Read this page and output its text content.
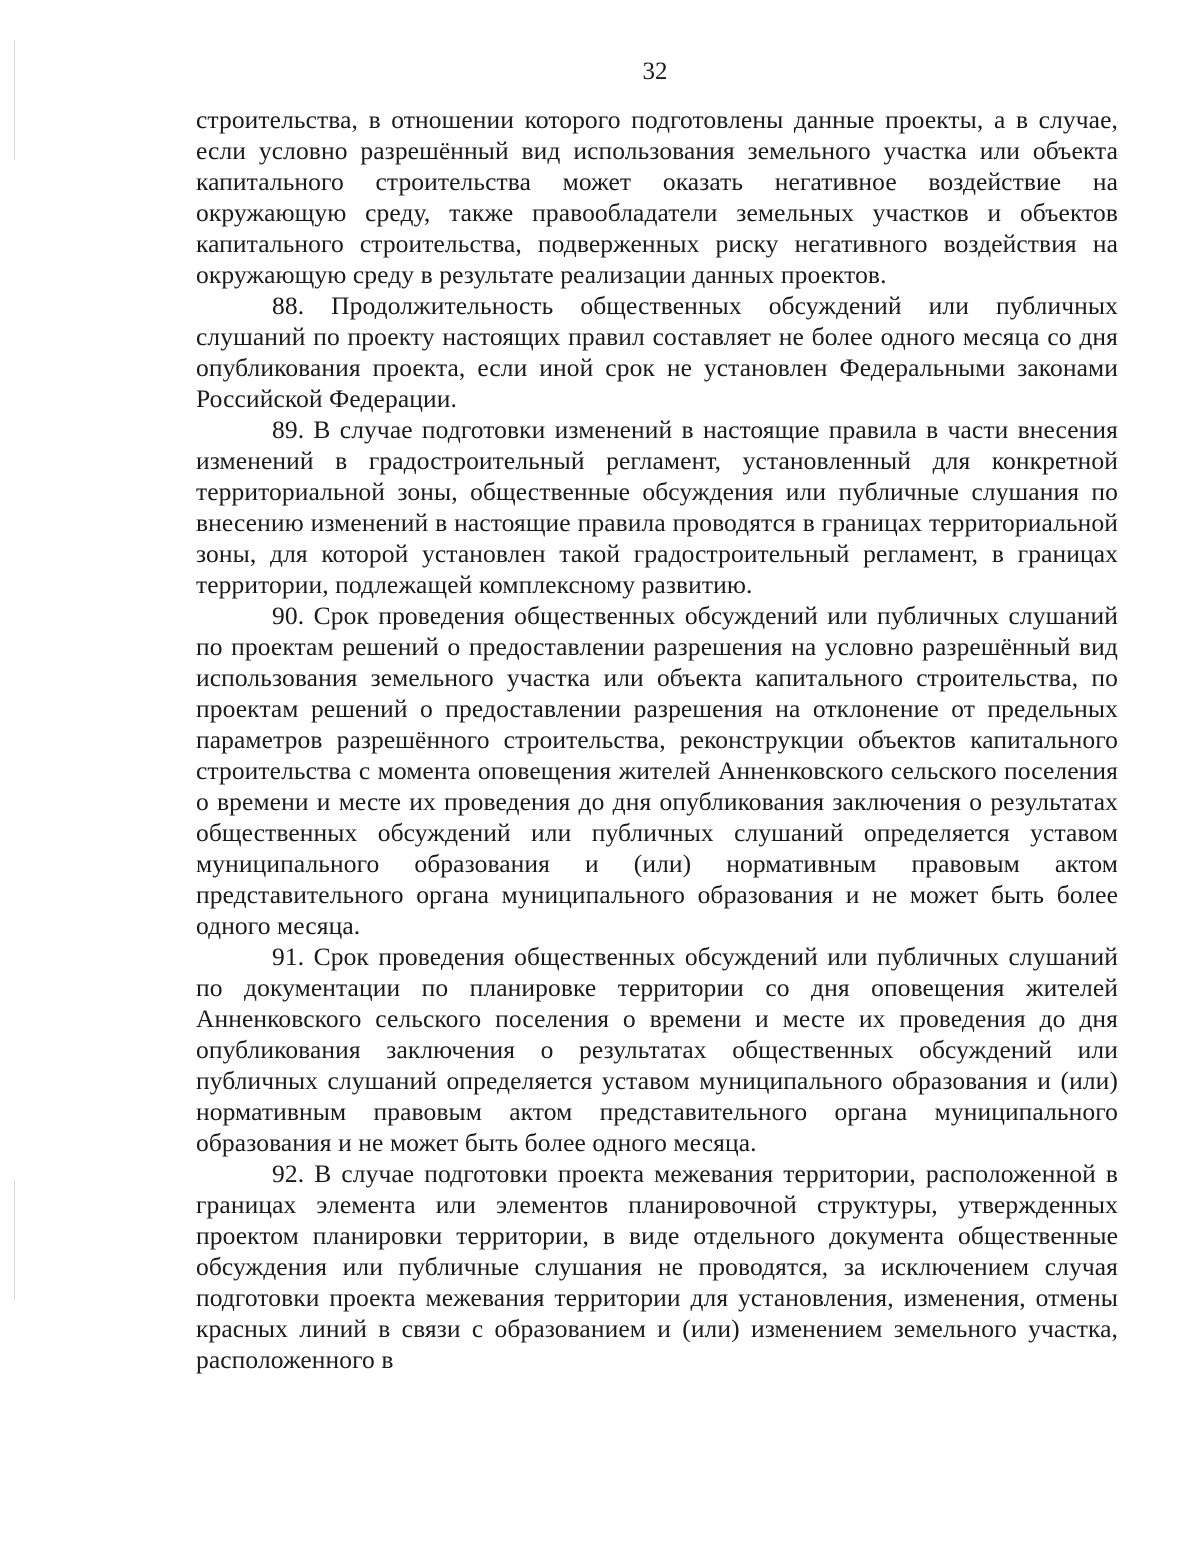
32

строительства, в отношении которого подготовлены данные проекты, а в случае, если условно разрешённый вид использования земельного участка или объекта капитального строительства может оказать негативное воздействие на окружающую среду, также правообладатели земельных участков и объектов капитального строительства, подверженных риску негативного воздействия на окружающую среду в результате реализации данных проектов.

88. Продолжительность общественных обсуждений или публичных слушаний по проекту настоящих правил составляет не более одного месяца со дня опубликования проекта, если иной срок не установлен Федеральными законами Российской Федерации.

89. В случае подготовки изменений в настоящие правила в части внесения изменений в градостроительный регламент, установленный для конкретной территориальной зоны, общественные обсуждения или публичные слушания по внесению изменений в настоящие правила проводятся в границах территориальной зоны, для которой установлен такой градостроительный регламент, в границах территории, подлежащей комплексному развитию.

90. Срок проведения общественных обсуждений или публичных слушаний по проектам решений о предоставлении разрешения на условно разрешённый вид использования земельного участка или объекта капитального строительства, по проектам решений о предоставлении разрешения на отклонение от предельных параметров разрешённого строительства, реконструкции объектов капитального строительства с момента оповещения жителей Анненковского сельского поселения о времени и месте их проведения до дня опубликования заключения о результатах общественных обсуждений или публичных слушаний определяется уставом муниципального образования и (или) нормативным правовым актом представительного органа муниципального образования и не может быть более одного месяца.

91. Срок проведения общественных обсуждений или публичных слушаний по документации по планировке территории со дня оповещения жителей Анненковского сельского поселения о времени и месте их проведения до дня опубликования заключения о результатах общественных обсуждений или публичных слушаний определяется уставом муниципального образования и (или) нормативным правовым актом представительного органа муниципального образования и не может быть более одного месяца.

92. В случае подготовки проекта межевания территории, расположенной в границах элемента или элементов планировочной структуры, утвержденных проектом планировки территории, в виде отдельного документа общественные обсуждения или публичные слушания не проводятся, за исключением случая подготовки проекта межевания территории для установления, изменения, отмены красных линий в связи с образованием и (или) изменением земельного участка, расположенного в
